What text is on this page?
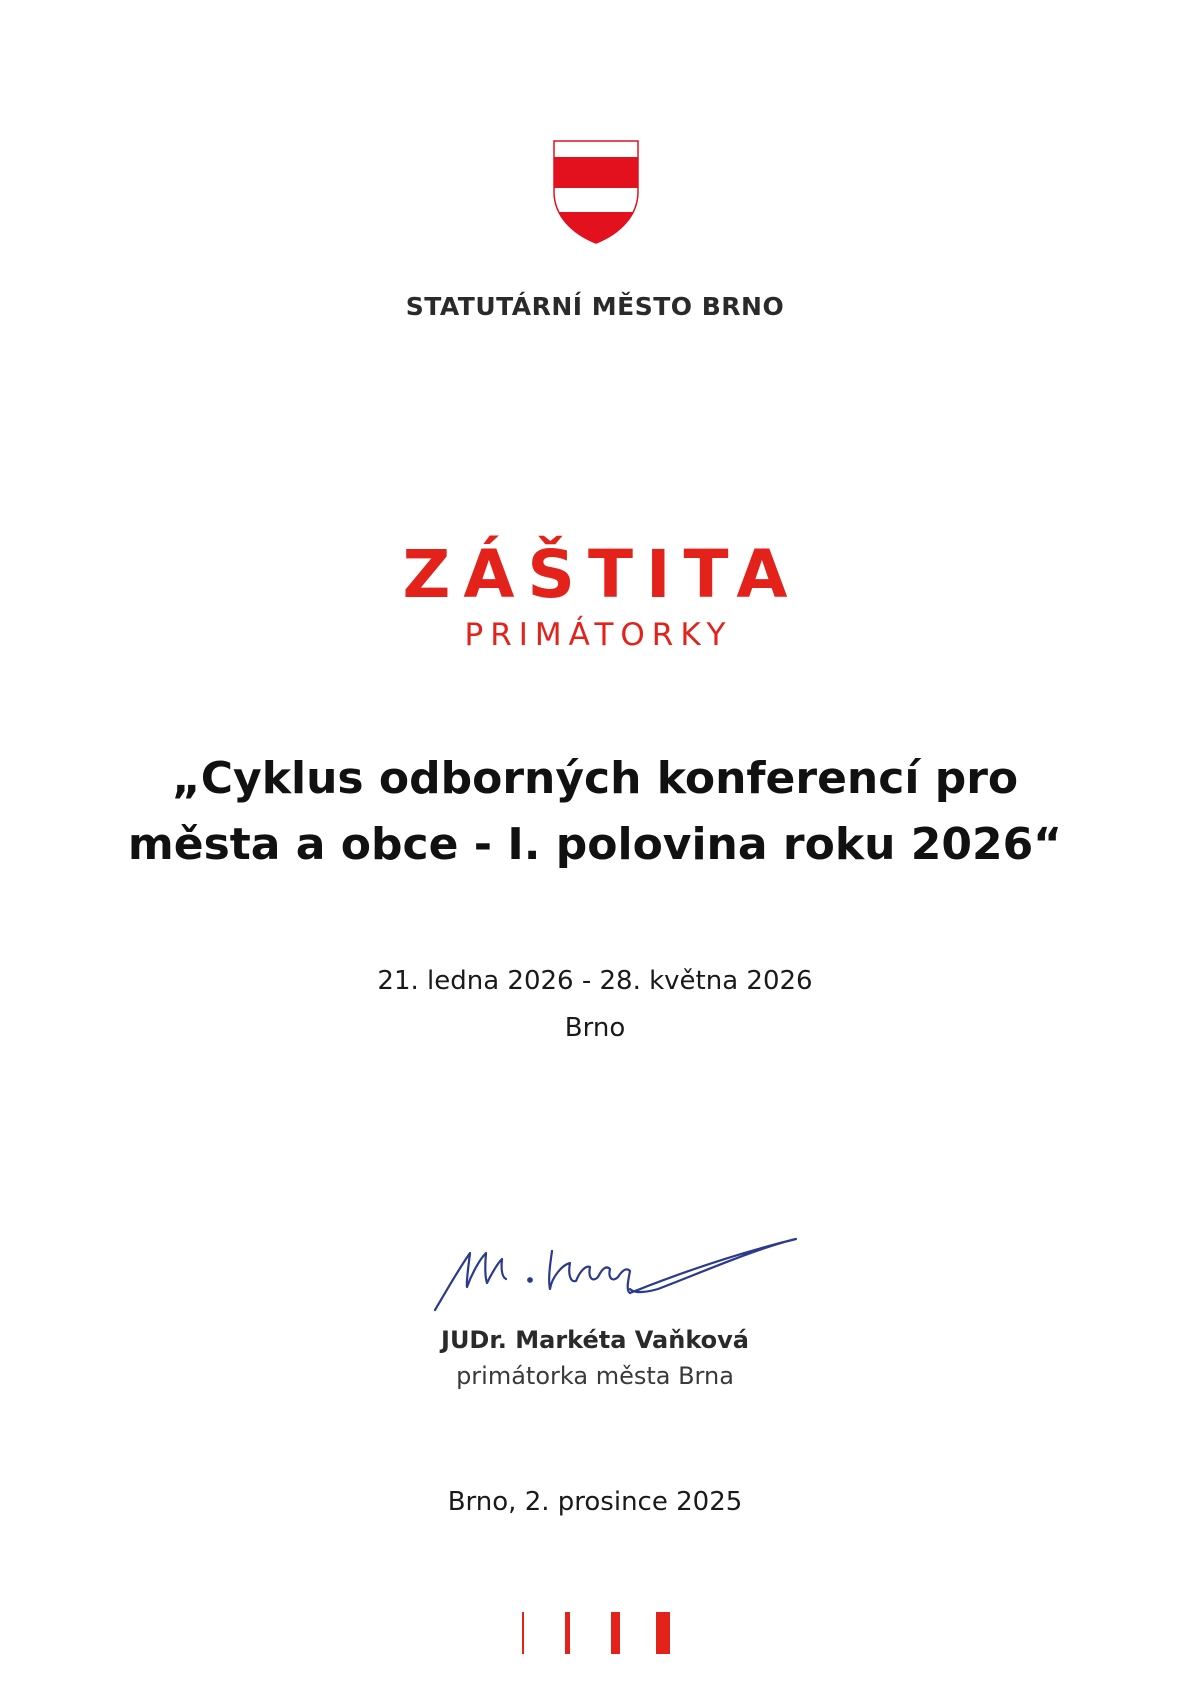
STATUTÁRNÍ MĚSTO BRNO
ZÁŠTITA
PRIMÁTORKY
„Cyklus odborných konferencí pro
města a obce - I. polovina roku 2026“
21. ledna 2026 - 28. května 2026
Brno
JUDr. Markéta Vaňková
primátorka města Brna
Brno, 2. prosince 2025
